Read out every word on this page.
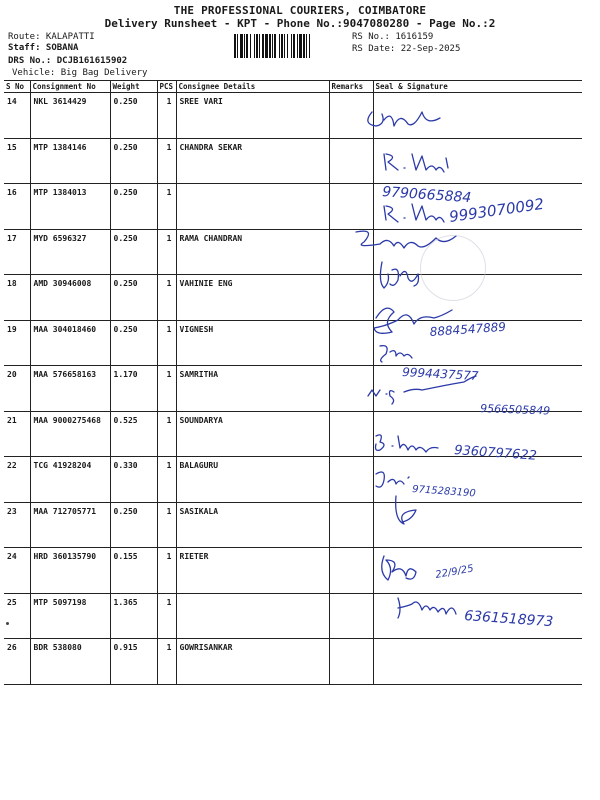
THE PROFESSIONAL COURIERS, COIMBATORE
Delivery Runsheet - KPT - Phone No.:9047080280 - Page No.:2
Route: KALAPATTI
Staff: SOBANA
DRS No.: DCJB161615902
Vehicle: Big Bag Delivery
RS No.: 1616159
RS Date: 22-Sep-2025
S No	Consignment No	Weight	PCS	Consignee Details	Remarks	Seal & Signature
14	NKL 3614429	0.250	1	SREE VARI		
15	MTP 1384146	0.250	1	CHANDRA SEKAR		
16	MTP 1384013	0.250	1			
17	MYD 6596327	0.250	1	RAMA CHANDRAN		
18	AMD 30946008	0.250	1	VAHINIE ENG		
19	MAA 304018460	0.250	1	VIGNESH		
20	MAA 576658163	1.170	1	SAMRITHA		
21	MAA 9000275468	0.525	1	SOUNDARYA		
22	TCG 41928204	0.330	1	BALAGURU		
23	MAA 712705771	0.250	1	SASIKALA		
24	HRD 360135790	0.155	1	RIETER		
25	MTP 5097198	1.365	1			
26	BDR 538080	0.915	1	GOWRISANKAR		
9790665884
9993070092
8884547889
9994437577
9566505849
9360797622
9715283190
22/9/25
6361518973
